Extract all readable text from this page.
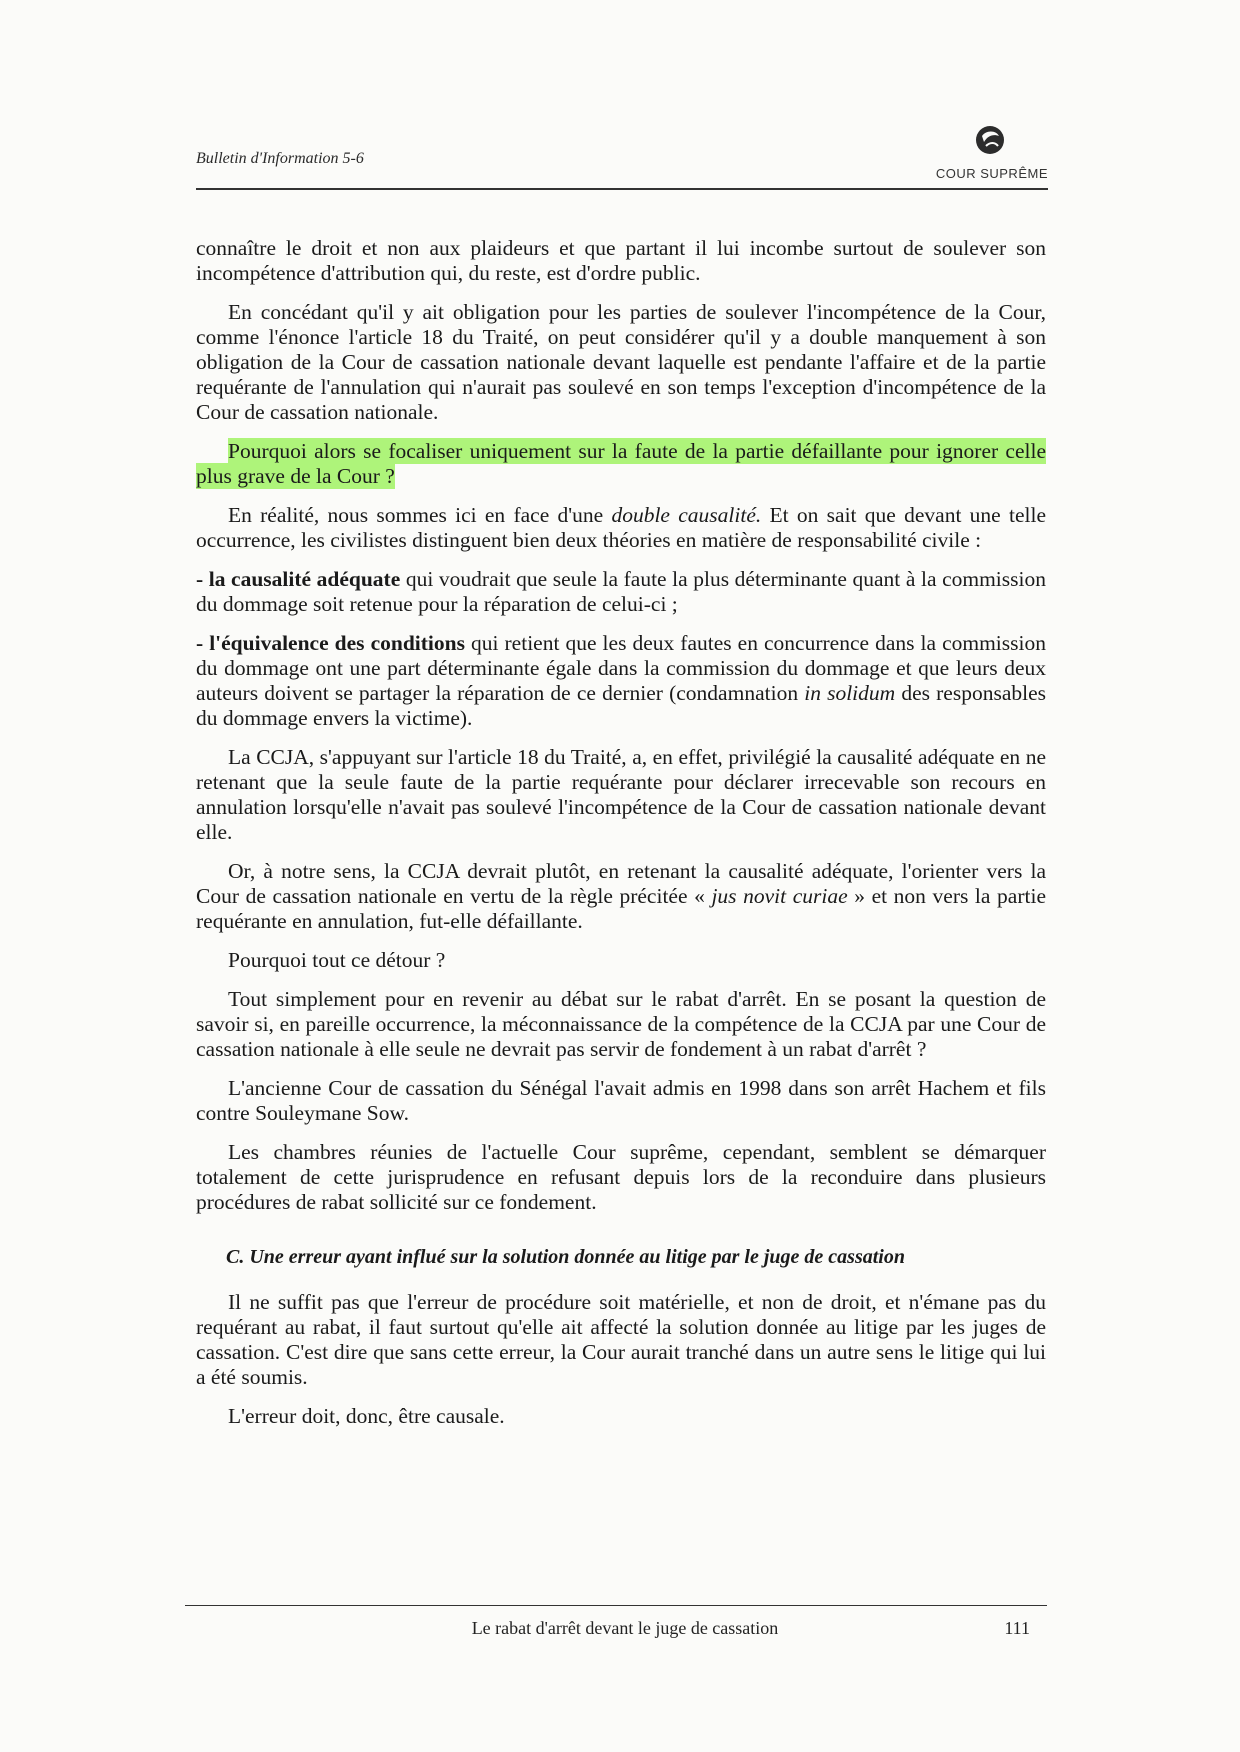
Bulletin d'Information 5-6
COUR SUPRÊME

connaître le droit et non aux plaideurs et que partant il lui incombe surtout de soulever son incompétence d'attribution qui, du reste, est d'ordre public.

En concédant qu'il y ait obligation pour les parties de soulever l'incompétence de la Cour, comme l'énonce l'article 18 du Traité, on peut considérer qu'il y a double manquement à son obligation de la Cour de cassation nationale devant laquelle est pendante l'affaire et de la partie requérante de l'annulation qui n'aurait pas soulevé en son temps l'exception d'incompétence de la Cour de cassation nationale.

Pourquoi alors se focaliser uniquement sur la faute de la partie défaillante pour ignorer celle plus grave de la Cour ?

En réalité, nous sommes ici en face d'une double causalité. Et on sait que devant une telle occurrence, les civilistes distinguent bien deux théories en matière de responsabilité civile :

- la causalité adéquate qui voudrait que seule la faute la plus déterminante quant à la commission du dommage soit retenue pour la réparation de celui-ci ;

- l'équivalence des conditions qui retient que les deux fautes en concurrence dans la commission du dommage ont une part déterminante égale dans la commission du dommage et que leurs deux auteurs doivent se partager la réparation de ce dernier (condamnation in solidum des responsables du dommage envers la victime).

La CCJA, s'appuyant sur l'article 18 du Traité, a, en effet, privilégié la causalité adéquate en ne retenant que la seule faute de la partie requérante pour déclarer irrecevable son recours en annulation lorsqu'elle n'avait pas soulevé l'incompétence de la Cour de cassation nationale devant elle.

Or, à notre sens, la CCJA devrait plutôt, en retenant la causalité adéquate, l'orienter vers la Cour de cassation nationale en vertu de la règle précitée « jus novit curiae » et non vers la partie requérante en annulation, fut-elle défaillante.

Pourquoi tout ce détour ?

Tout simplement pour en revenir au débat sur le rabat d'arrêt. En se posant la question de savoir si, en pareille occurrence, la méconnaissance de la compétence de la CCJA par une Cour de cassation nationale à elle seule ne devrait pas servir de fondement à un rabat d'arrêt ?

L'ancienne Cour de cassation du Sénégal l'avait admis en 1998 dans son arrêt Hachem et fils contre Souleymane Sow.

Les chambres réunies de l'actuelle Cour suprême, cependant, semblent se démarquer totalement de cette jurisprudence en refusant depuis lors de la reconduire dans plusieurs procédures de rabat sollicité sur ce fondement.

C. Une erreur ayant influé sur la solution donnée au litige par le juge de cassation

Il ne suffit pas que l'erreur de procédure soit matérielle, et non de droit, et n'émane pas du requérant au rabat, il faut surtout qu'elle ait affecté la solution donnée au litige par les juges de cassation. C'est dire que sans cette erreur, la Cour aurait tranché dans un autre sens le litige qui lui a été soumis.

L'erreur doit, donc, être causale.

Le rabat d'arrêt devant le juge de cassation	111
